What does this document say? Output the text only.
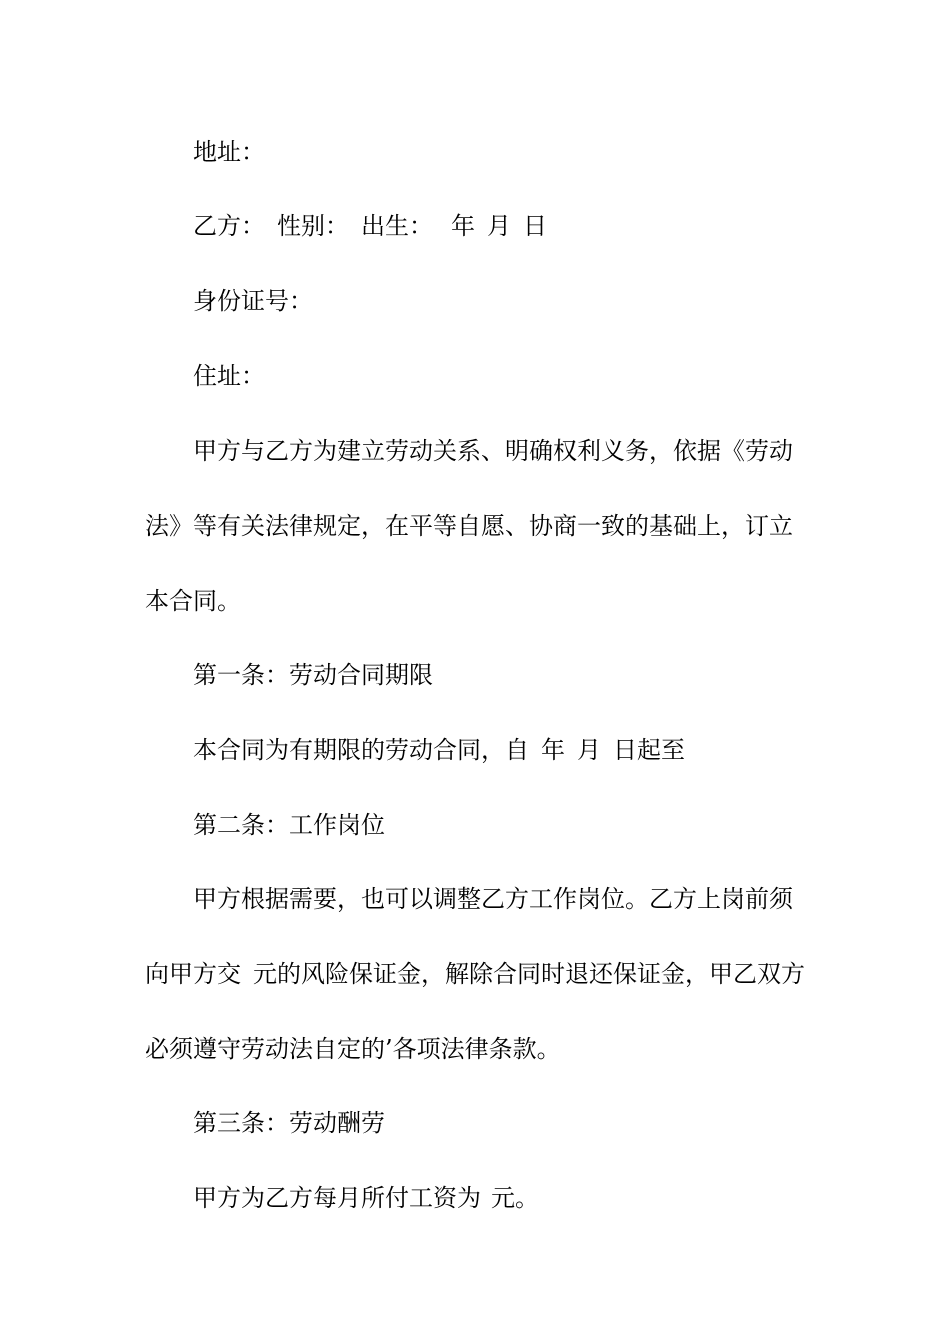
地址：
乙方： 性别： 出生： 年 月 日
身份证号：
住址：
甲方与乙方为建立劳动关系、明确权利义务，依据《劳动
法》等有关法律规定，在平等自愿、协商一致的基础上，订立
本合同。
第一条：劳动合同期限
本合同为有期限的劳动合同，自 年 月 日起至
第二条：工作岗位
甲方根据需要，也可以调整乙方工作岗位。乙方上岗前须
向甲方交 元的风险保证金，解除合同时退还保证金，甲乙双方
必须遵守劳动法自定的’各项法律条款。
第三条：劳动酬劳
甲方为乙方每月所付工资为 元。
